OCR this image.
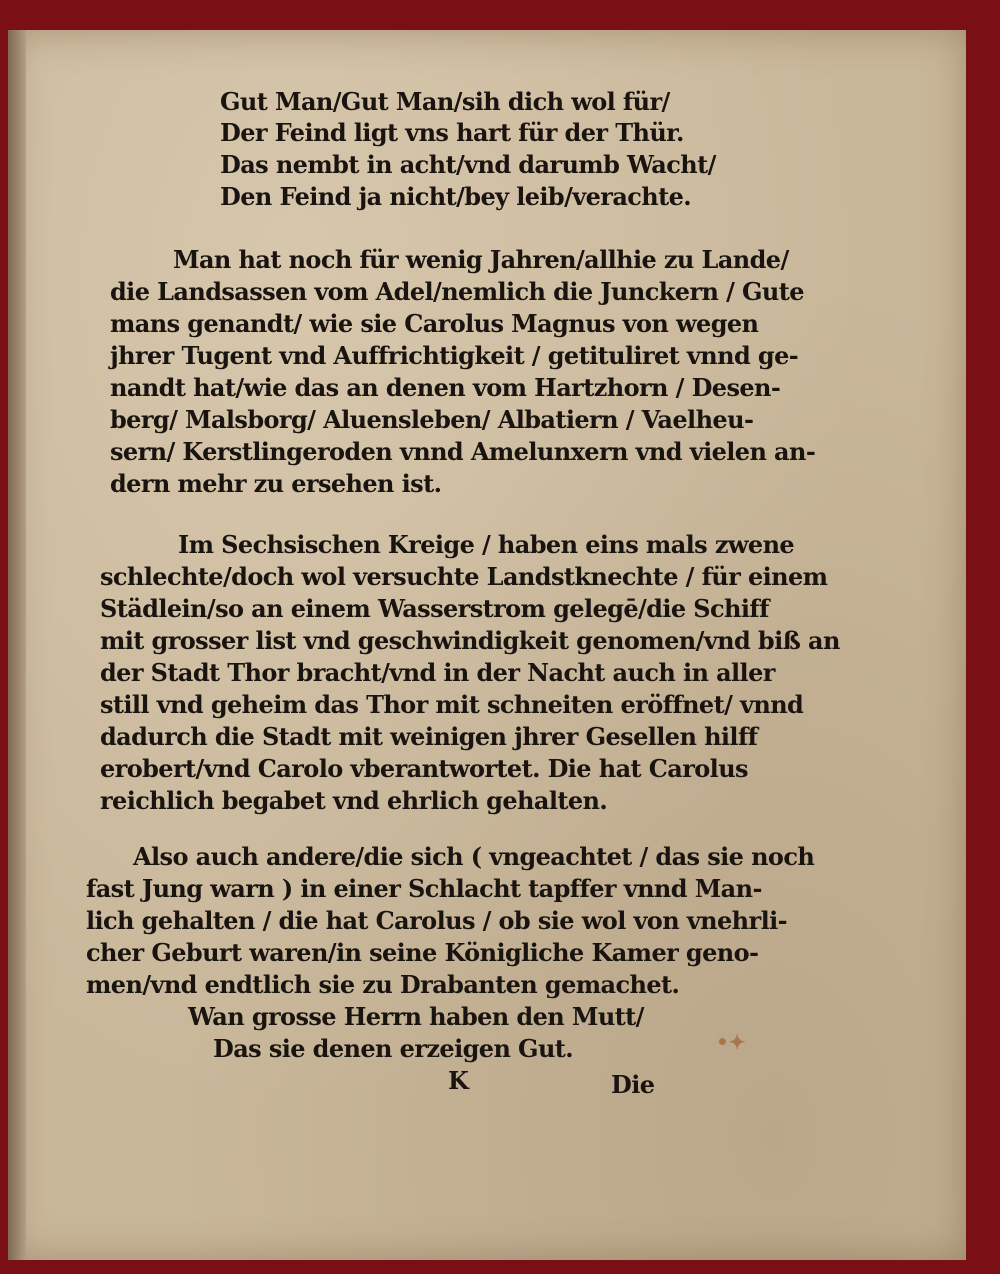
Gut Man/Gut Man/sih dich wol für/
Der Feind ligt vns hart für der Thür.
Das nembt in acht/vnd darumb Wacht/
Den Feind ja nicht/bey leib/verachte.
Man hat noch für wenig Jahren/allhie zu Lande/
die Landsassen vom Adel/nemlich die Junckern / Gute
mans genandt/ wie sie Carolus Magnus von wegen
jhrer Tugent vnd Auffrichtigkeit / getituliret vnnd ge-
nandt hat/wie das an denen vom Hartzhorn / Desen-
berg/ Malsborg/ Aluensleben/ Albatiern / Vaelheu-
sern/ Kerstlingeroden vnnd Amelunxern vnd vielen an-
dern mehr zu ersehen ist.
Im Sechsischen Kreige / haben eins mals zwene
schlechte/doch wol versuchte Landstknechte / für einem
Städlein/so an einem Wasserstrom gelegē/die Schiff
mit grosser list vnd geschwindigkeit genomen/vnd biß an
der Stadt Thor bracht/vnd in der Nacht auch in aller
still vnd geheim das Thor mit schneiten eröffnet/ vnnd
dadurch die Stadt mit weinigen jhrer Gesellen hilff
erobert/vnd Carolo vberantwortet. Die hat Carolus
reichlich begabet vnd ehrlich gehalten.
Also auch andere/die sich ( vngeachtet / das sie noch
fast Jung warn ) in einer Schlacht tapffer vnnd Man-
lich gehalten / die hat Carolus / ob sie wol von vnehrli-
cher Geburt waren/in seine Königliche Kamer geno-
men/vnd endtlich sie zu Drabanten gemachet.
Wan grosse Herrn haben den Mutt/
Das sie denen erzeigen Gut.
K	Die
•✦
